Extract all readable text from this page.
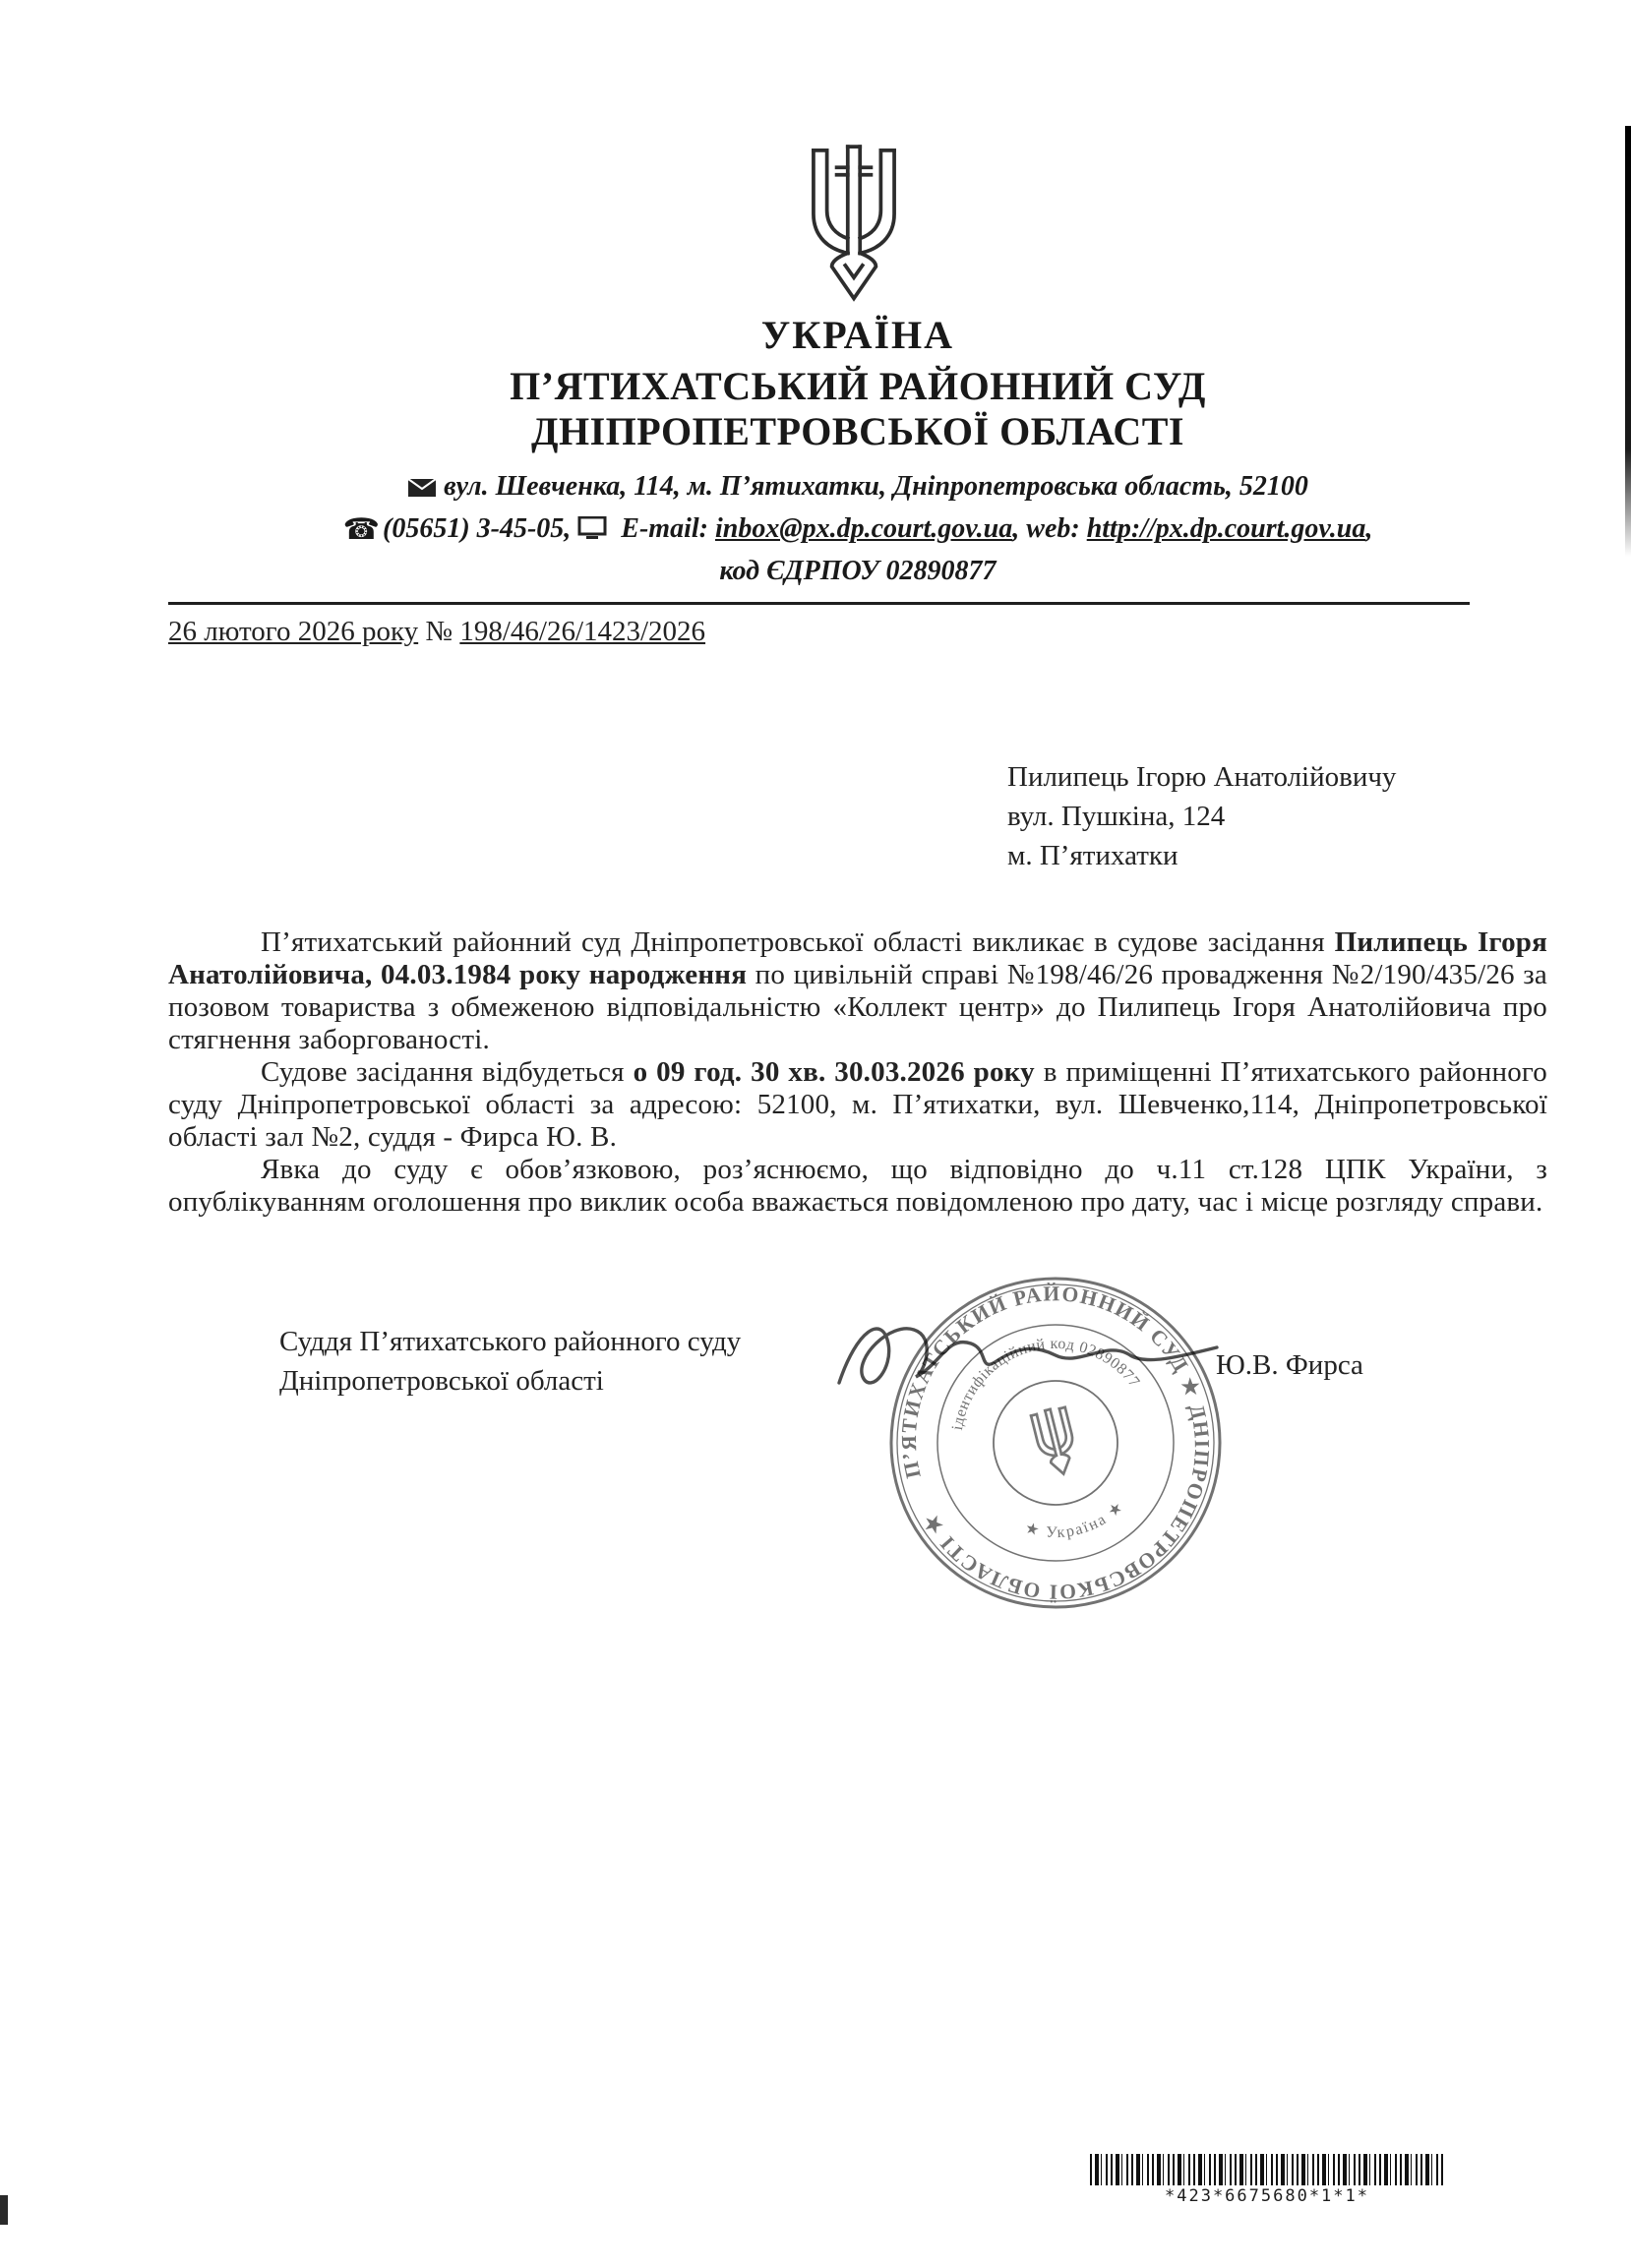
УКРАЇНА
П’ЯТИХАТСЬКИЙ РАЙОННИЙ СУД
ДНІПРОПЕТРОВСЬКОЇ ОБЛАСТІ
вул. Шевченка, 114, м. П’ятихатки, Дніпропетровська область, 52100
☎ (05651) 3-45-05, E-mail: inbox@px.dp.court.gov.ua, web: http://px.dp.court.gov.ua,
код ЄДРПОУ 02890877
26 лютого 2026 року № 198/46/26/1423/2026
Пилипець Ігорю Анатолійовичу
вул. Пушкіна, 124
м. П’ятихатки

П’ятихатський районний суд Дніпропетровської області викликає в судове засідання Пилипець Ігоря Анатолійовича, 04.03.1984 року народження по цивільній справі №198/46/26 провадження №2/190/435/26 за позовом товариства з обмеженою відповідальністю «Коллект центр» до Пилипець Ігоря Анатолійовича про стягнення заборгованості.

Судове засідання відбудеться о 09 год. 30 хв. 30.03.2026 року в приміщенні П’ятихатського районного суду Дніпропетровської області за адресою: 52100, м. П’ятихатки, вул. Шевченко,114, Дніпропетровської області зал №2, суддя - Фирса Ю. В.

Явка до суду є обов’язковою, роз’яснюємо, що відповідно до ч.11 ст.128 ЦПК України, з опублікуванням оголошення про виклик особа вважається повідомленою про дату, час і місце розгляду справи.

Суддя П’ятихатського районного суду
Дніпропетровської області	Ю.В. Фирса
П’ЯТИХАТСЬКИЙ РАЙОННИЙ СУД ★ ДНІПРОПЕТРОВСЬКОЇ ОБЛАСТІ ★
ідентифікаційний код 02890877
★ Україна ★
*423*6675680*1*1*
